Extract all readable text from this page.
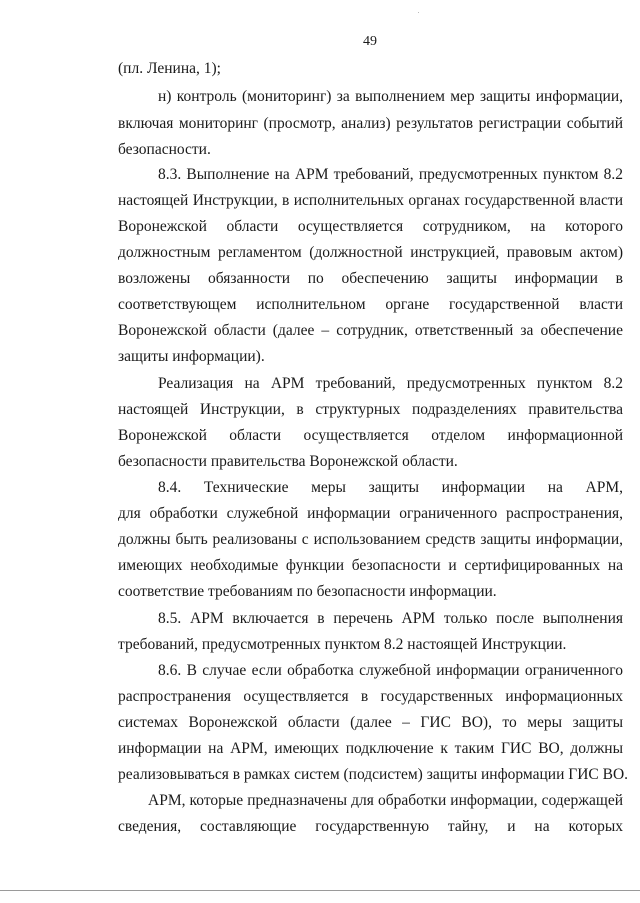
49
(пл. Ленина, 1);
н) контроль (мониторинг) за выполнением мер защиты информации,
включая мониторинг (просмотр, анализ) результатов регистрации событий
безопасности.
8.3. Выполнение на АРМ требований, предусмотренных пунктом 8.2
настоящей Инструкции, в исполнительных органах государственной власти
Воронежской области осуществляется сотрудником, на которого
должностным регламентом (должностной инструкцией, правовым актом)
возложены обязанности по обеспечению защиты информации в
соответствующем исполнительном органе государственной власти
Воронежской области (далее – сотрудник, ответственный за обеспечение
защиты информации).
Реализация на АРМ требований, предусмотренных пунктом 8.2
настоящей Инструкции, в структурных подразделениях правительства
Воронежской области осуществляется отделом информационной
безопасности правительства Воронежской области.
8.4. Технические меры защиты информации на АРМ,
для обработки служебной информации ограниченного распространения,
должны быть реализованы с использованием средств защиты информации,
имеющих необходимые функции безопасности и сертифицированных на
соответствие требованиям по безопасности информации.
8.5. АРМ включается в перечень АРМ только после выполнения
требований, предусмотренных пунктом 8.2 настоящей Инструкции.
8.6. В случае если обработка служебной информации ограниченного
распространения осуществляется в государственных информационных
системах Воронежской области (далее – ГИС ВО), то меры защиты
информации на АРМ, имеющих подключение к таким ГИС ВО, должны
реализовываться в рамках систем (подсистем) защиты информации ГИС ВО.
АРМ, которые предназначены для обработки информации, содержащей
сведения, составляющие государственную тайну, и на которых
